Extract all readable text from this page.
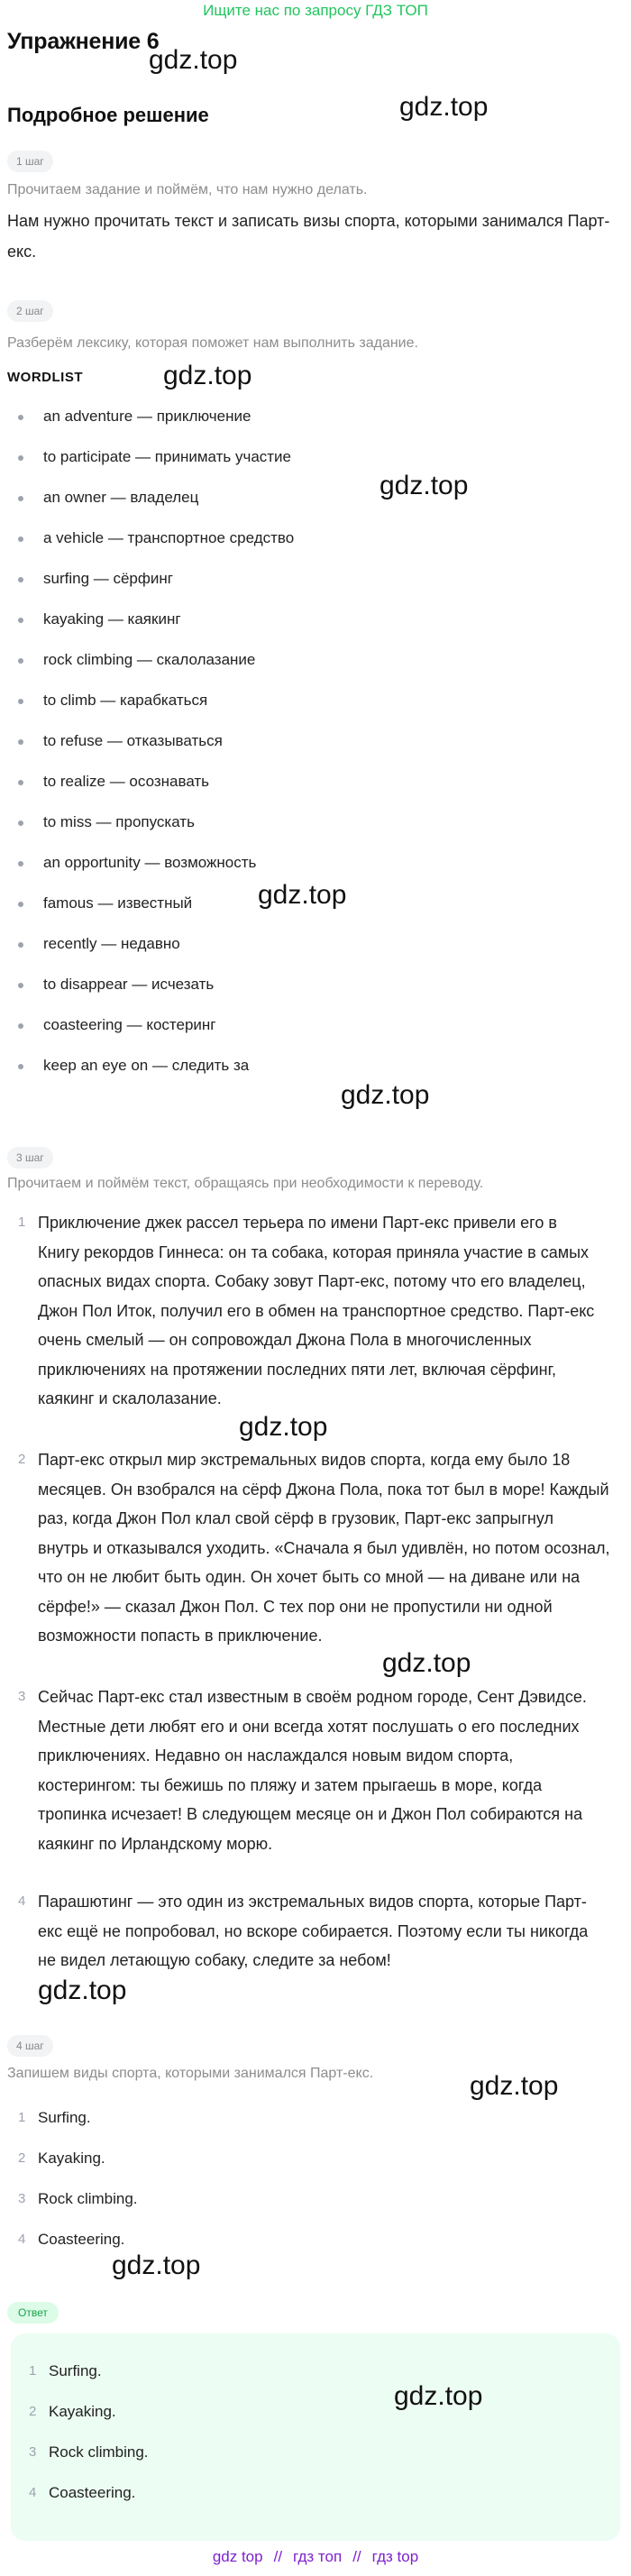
Ищите нас по запросу ГДЗ ТОП
Упражнение 6
Подробное решение
1 шаг
Прочитаем задание и поймём, что нам нужно делать.
Нам нужно прочитать текст и записать визы спорта, которыми занимался Парт-екс.
2 шаг
Разберём лексику, которая поможет нам выполнить задание.
WORDLIST
an adventure — приключение
to participate — принимать участие
an owner — владелец
a vehicle — транспортное средство
surfing — сёрфинг
kayaking — каякинг
rock climbing — скалолазание
to climb — карабкаться
to refuse — отказываться
to realize — осознавать
to miss — пропускать
an opportunity — возможность
famous — известный
recently — недавно
to disappear — исчезать
coasteering — костеринг
keep an eye on — следить за
3 шаг
Прочитаем и поймём текст, обращаясь при необходимости к переводу.
1 Приключение джек рассел терьера по имени Парт-екс привели его в
Книгу рекордов Гиннеса: он та собака, которая приняла участие в самых
опасных видах спорта. Собаку зовут Парт-екс, потому что его владелец,
Джон Пол Иток, получил его в обмен на транспортное средство. Парт-екс
очень смелый — он сопровождал Джона Пола в многочисленных
приключениях на протяжении последних пяти лет, включая сёрфинг,
каякинг и скалолазание.
2 Парт-екс открыл мир экстремальных видов спорта, когда ему было 18
месяцев. Он взобрался на сёрф Джона Пола, пока тот был в море! Каждый
раз, когда Джон Пол клал свой сёрф в грузовик, Парт-екс запрыгнул
внутрь и отказывался уходить. «Сначала я был удивлён, но потом осознал,
что он не любит быть один. Он хочет быть со мной — на диване или на
сёрфе!» — сказал Джон Пол. С тех пор они не пропустили ни одной
возможности попасть в приключение.
3 Сейчас Парт-екс стал известным в своём родном городе, Сент Дэвидсе.
Местные дети любят его и они всегда хотят послушать о его последних
приключениях. Недавно он наслаждался новым видом спорта,
костерингом: ты бежишь по пляжу и затем прыгаешь в море, когда
тропинка исчезает! В следующем месяце он и Джон Пол собираются на
каякинг по Ирландскому морю.
4 Парашютинг — это один из экстремальных видов спорта, которые Парт-
екс ещё не попробовал, но вскоре собирается. Поэтому если ты никогда
не видел летающую собаку, следите за небом!
4 шаг
Запишем виды спорта, которыми занимался Парт-екс.
1 Surfing.
2 Kayaking.
3 Rock climbing.
4 Coasteering.
Ответ
1 Surfing.
2 Kayaking.
3 Rock climbing.
4 Coasteering.
gdz.top
gdz.top
gdz.top
gdz.top
gdz.top
gdz.top
gdz.top
gdz.top
gdz.top
gdz.top
gdz.top
gdz.top
gdz top // гдз топ // гдз top
